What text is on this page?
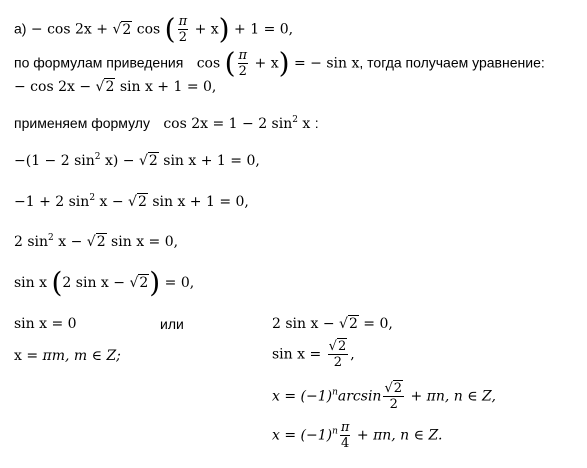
а) − cos 2x + √2 cos ( $\frac{\pi}{2} + x) + 1 = 0$,
по формулам приведения cos ( $\frac{\pi}{2} + x$) = − sin x, тогда получаем уравнение:
− cos 2x − √2 sin x + 1 = 0,
применяем формулу cos 2x = 1 − 2 $\sin^2 x$ :
−(1 − 2 $\sin^2 x) - √2$ sin x + 1 = 0,
−1 + 2 $\sin^2 x - √2$ sin x + 1 = 0,
2 $\sin^2 x - √2$ sin x = 0,
sin x (2 sin x − √2) = 0,
sin x = 0	или	2 sin x − √2 = 0,
x = πm, m ∈ Z;	$\sin x = \frac{√2}{2}$ ,
$x = (-1)^n\arcsin \frac{√2}{2} + \pi n$, n ∈ Z,
$x = (-1)^n \frac{\pi}{4} + \pi n$, n ∈ Z.
